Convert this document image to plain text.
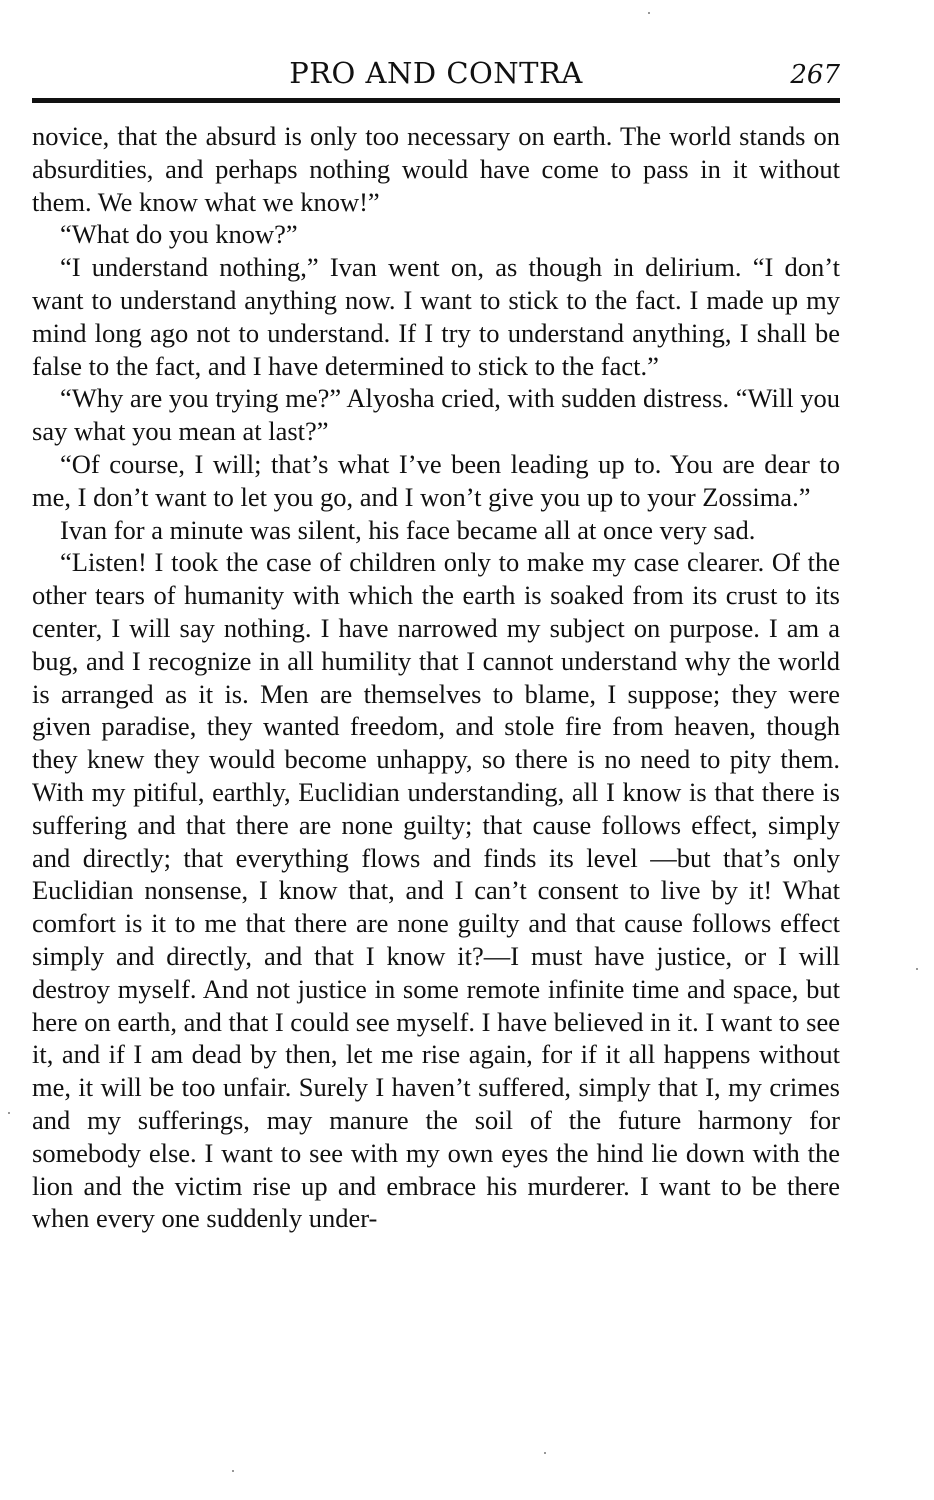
PRO AND CONTRA	267

novice, that the absurd is only too necessary on earth. The world stands on absurdities, and perhaps nothing would have come to pass in it without them. We know what we know!”

“What do you know?”

“I understand nothing,” Ivan went on, as though in delirium. “I don’t want to understand anything now. I want to stick to the fact. I made up my mind long ago not to understand. If I try to understand anything, I shall be false to the fact, and I have determined to stick to the fact.”

“Why are you trying me?” Alyosha cried, with sudden distress. “Will you say what you mean at last?”

“Of course, I will; that’s what I’ve been leading up to. You are dear to me, I don’t want to let you go, and I won’t give you up to your Zossima.”

Ivan for a minute was silent, his face became all at once very sad.

“Listen! I took the case of children only to make my case clearer. Of the other tears of humanity with which the earth is soaked from its crust to its center, I will say nothing. I have narrowed my subject on purpose. I am a bug, and I recognize in all humility that I cannot understand why the world is arranged as it is. Men are themselves to blame, I suppose; they were given paradise, they wanted freedom, and stole fire from heaven, though they knew they would become unhappy, so there is no need to pity them. With my pitiful, earthly, Euclidian understanding, all I know is that there is suffering and that there are none guilty; that cause follows effect, simply and directly; that everything flows and finds its level —but that’s only Euclidian nonsense, I know that, and I can’t consent to live by it! What comfort is it to me that there are none guilty and that cause follows effect simply and directly, and that I know it?—I must have justice, or I will destroy myself. And not justice in some remote infinite time and space, but here on earth, and that I could see myself. I have believed in it. I want to see it, and if I am dead by then, let me rise again, for if it all happens without me, it will be too unfair. Surely I haven’t suffered, simply that I, my crimes and my sufferings, may manure the soil of the future harmony for somebody else. I want to see with my own eyes the hind lie down with the lion and the victim rise up and embrace his murderer. I want to be there when every one suddenly under-
